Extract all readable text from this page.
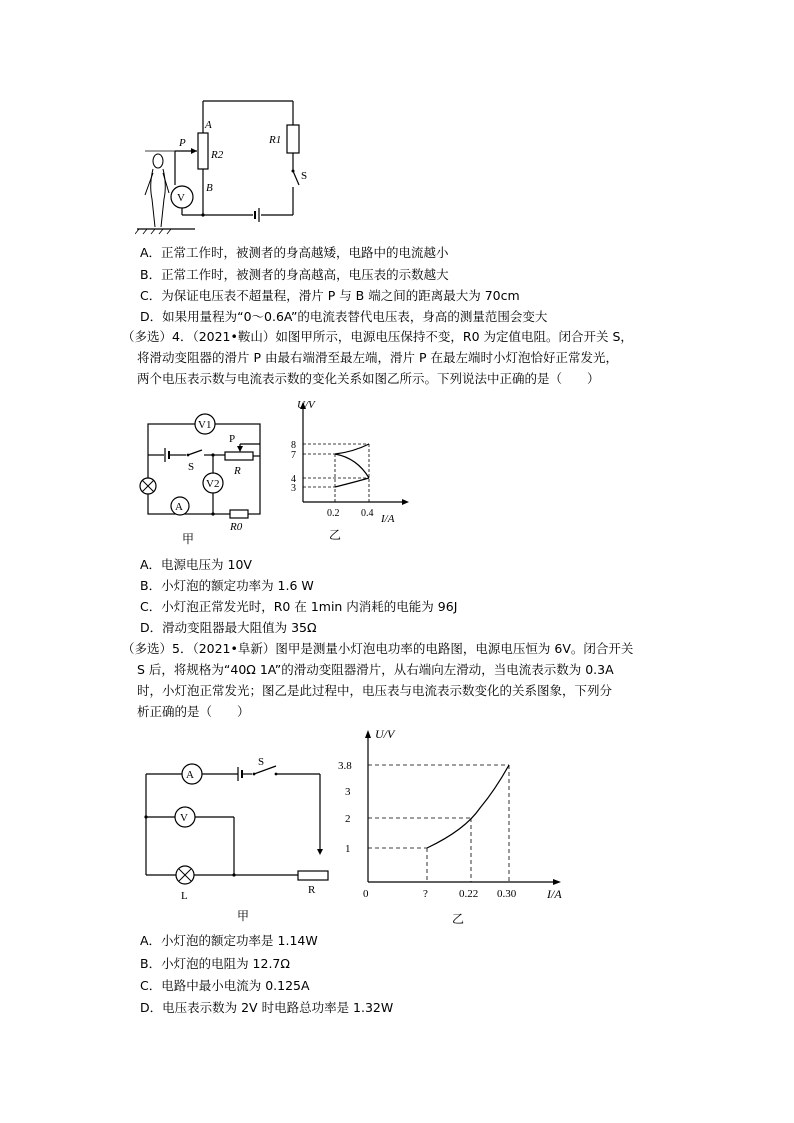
A
P
R2
R1
S
B
V
A．正常工作时，被测者的身高越矮，电路中的电流越小
B．正常工作时，被测者的身高越高，电压表的示数越大
C．为保证电压表不超量程，滑片 P 与 B 端之间的距离最大为 70cm
D．如果用量程为“0～0.6A”的电流表替代电压表，身高的测量范围会变大
（多选）4．（2021•鞍山）如图甲所示，电源电压保持不变，R0 为定值电阻。闭合开关 S，
将滑动变阻器的滑片 P 由最右端滑至最左端，滑片 P 在最左端时小灯泡恰好正常发光，
两个电压表示数与电流表示数的变化关系如图乙所示。下列说法中正确的是（　　）
V1
P
S	R
V2
A
R0
甲
U/V
I/A
8
7
4
3
0.2 0.4
乙
A．电源电压为 10V
B．小灯泡的额定功率为 1.6 W
C．小灯泡正常发光时，R0 在 1min 内消耗的电能为 96J
D．滑动变阻器最大阻值为 35Ω
（多选）5．（2021•阜新）图甲是测量小灯泡电功率的电路图，电源电压恒为 6V。闭合开关
S 后，将规格为“40Ω 1A”的滑动变阻器滑片，从右端向左滑动，当电流表示数为 0.3A
时，小灯泡正常发光；图乙是此过程中，电压表与电流表示数变化的关系图象，下列分
析正确的是（　　）
A
S
V
L	R
甲
U/V
I/A
3.8
3
2
1
0	?	0.22 0.30
乙
A．小灯泡的额定功率是 1.14W
B．小灯泡的电阻为 12.7Ω
C．电路中最小电流为 0.125A
D．电压表示数为 2V 时电路总功率是 1.32W
